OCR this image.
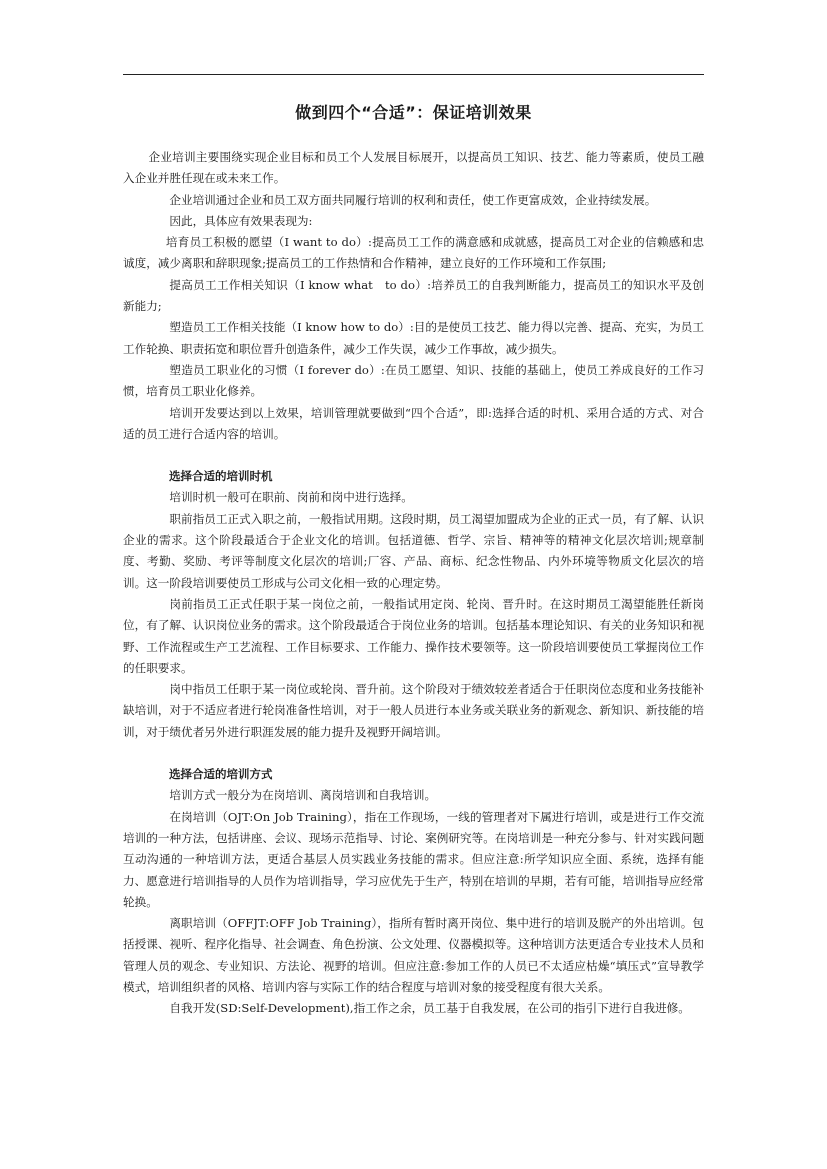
做到四个“合适”：保证培训效果

企业培训主要围绕实现企业目标和员工个人发展目标展开，以提高员工知识、技艺、能力等素质，使员工融入企业并胜任现在或未来工作。

企业培训通过企业和员工双方面共同履行培训的权利和责任，使工作更富成效，企业持续发展。

因此，具体应有效果表现为:

培育员工积极的愿望（I want to do）:提高员工工作的满意感和成就感，提高员工对企业的信赖感和忠诚度，减少离职和辞职现象;提高员工的工作热情和合作精神，建立良好的工作环境和工作氛围;

提高员工工作相关知识（I know what　to do）:培养员工的自我判断能力，提高员工的知识水平及创新能力;

塑造员工工作相关技能（I know how to do）:目的是使员工技艺、能力得以完善、提高、充实，为员工工作轮换、职责拓宽和职位晋升创造条件，减少工作失误，减少工作事故，减少损失。

塑造员工职业化的习惯（I forever do）:在员工愿望、知识、技能的基础上，使员工养成良好的工作习惯，培育员工职业化修养。

培训开发要达到以上效果，培训管理就要做到“四个合适”，即:选择合适的时机、采用合适的方式、对合适的员工进行合适内容的培训。

选择合适的培训时机

培训时机一般可在职前、岗前和岗中进行选择。

职前指员工正式入职之前，一般指试用期。这段时期，员工渴望加盟成为企业的正式一员，有了解、认识企业的需求。这个阶段最适合于企业文化的培训。包括道德、哲学、宗旨、精神等的精神文化层次培训;规章制度、考勤、奖励、考评等制度文化层次的培训;厂容、产品、商标、纪念性物品、内外环境等物质文化层次的培训。这一阶段培训要使员工形成与公司文化相一致的心理定势。

岗前指员工正式任职于某一岗位之前，一般指试用定岗、轮岗、晋升时。在这时期员工渴望能胜任新岗位，有了解、认识岗位业务的需求。这个阶段最适合于岗位业务的培训。包括基本理论知识、有关的业务知识和视野、工作流程或生产工艺流程、工作目标要求、工作能力、操作技术要领等。这一阶段培训要使员工掌握岗位工作的任职要求。

岗中指员工任职于某一岗位或轮岗、晋升前。这个阶段对于绩效较差者适合于任职岗位态度和业务技能补缺培训，对于不适应者进行轮岗准备性培训，对于一般人员进行本业务或关联业务的新观念、新知识、新技能的培训，对于绩优者另外进行职涯发展的能力提升及视野开阔培训。

选择合适的培训方式

培训方式一般分为在岗培训、离岗培训和自我培训。

在岗培训（OJT:On Job Training），指在工作现场，一线的管理者对下属进行培训，或是进行工作交流培训的一种方法，包括讲座、会议、现场示范指导、讨论、案例研究等。在岗培训是一种充分参与、针对实践问题互动沟通的一种培训方法，更适合基层人员实践业务技能的需求。但应注意:所学知识应全面、系统，选择有能力、愿意进行培训指导的人员作为培训指导，学习应优先于生产，特别在培训的早期，若有可能，培训指导应经常轮换。

离职培训（OFFJT:OFF Job Training），指所有暂时离开岗位、集中进行的培训及脱产的外出培训。包括授课、视听、程序化指导、社会调查、角色扮演、公文处理、仪器模拟等。这种培训方法更适合专业技术人员和管理人员的观念、专业知识、方法论、视野的培训。但应注意:参加工作的人员已不太适应枯燥“填压式”宣导教学模式，培训组织者的风格、培训内容与实际工作的结合程度与培训对象的接受程度有很大关系。

自我开发(SD:Self-Development),指工作之余，员工基于自我发展，在公司的指引下进行自我进修。
